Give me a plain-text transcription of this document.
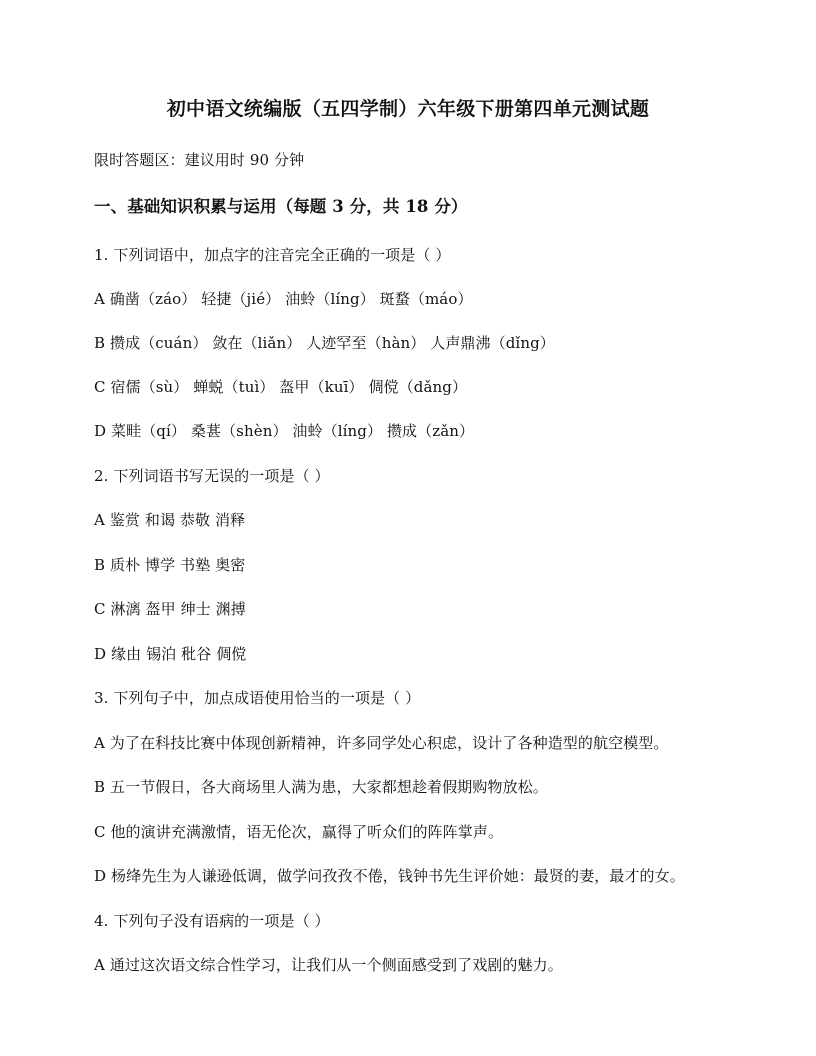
初中语文统编版（五四学制）六年级下册第四单元测试题
限时答题区：建议用时 90 分钟
一、基础知识积累与运用（每题 3 分，共 18 分）
1. 下列词语中，加点字的注音完全正确的一项是（ ）
A 确凿（záo） 轻捷（jié） 油蛉（líng） 斑蝥（máo）
B 攒成（cuán） 敛在（liǎn） 人迹罕至（hàn） 人声鼎沸（dǐng）
C 宿儒（sù） 蝉蜕（tuì） 盔甲（kuī） 倜傥（dǎng）
D 菜畦（qí） 桑葚（shèn） 油蛉（líng） 攒成（zǎn）
2. 下列词语书写无误的一项是（ ）
A 鉴赏 和谒 恭敬 消释
B 质朴 博学 书塾 奥密
C 淋漓 盔甲 绅士 渊搏
D 缘由 锡泊 秕谷 倜傥
3. 下列句子中，加点成语使用恰当的一项是（ ）
A 为了在科技比赛中体现创新精神，许多同学处心积虑，设计了各种造型的航空模型。
B 五一节假日，各大商场里人满为患，大家都想趁着假期购物放松。
C 他的演讲充满激情，语无伦次，赢得了听众们的阵阵掌声。
D 杨绛先生为人谦逊低调，做学问孜孜不倦，钱钟书先生评价她：最贤的妻，最才的女。
4. 下列句子没有语病的一项是（ ）
A 通过这次语文综合性学习，让我们从一个侧面感受到了戏剧的魅力。
